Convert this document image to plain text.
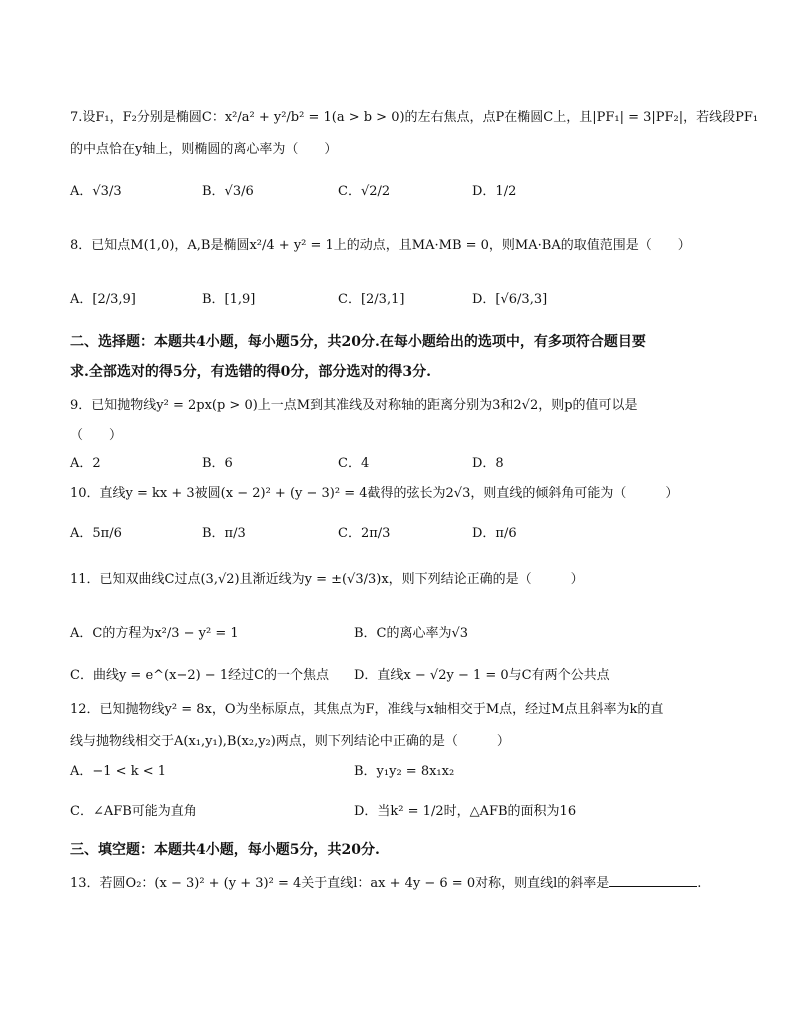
7.设F₁，F₂分别是椭圆C：x²/a² + y²/b² = 1(a > b > 0)的左右焦点，点P在椭圆C上，且|PF₁| = 3|PF₂|，若线段PF₁
的中点恰在y轴上，则椭圆的离心率为（　　）
A．√3/3	B．√3/6	C．√2/2	D．1/2
8．已知点M(1,0)，A,B是椭圆x²/4 + y² = 1上的动点，且MA·MB = 0，则MA·BA的取值范围是（　　）
A．[2/3,9]	B．[1,9]	C．[2/3,1]	D．[√6/3,3]
二、选择题：本题共4小题，每小题5分，共20分.在每小题给出的选项中，有多项符合题目要
求.全部选对的得5分，有选错的得0分，部分选对的得3分.
9．已知抛物线y² = 2px(p > 0)上一点M到其准线及对称轴的距离分别为3和2√2，则p的值可以是
（　　）
A．2	B．6	C．4	D．8
10．直线y = kx + 3被圆(x − 2)² + (y − 3)² = 4截得的弦长为2√3，则直线的倾斜角可能为（　　　）
A．5π/6	B．π/3	C．2π/3	D．π/6
11．已知双曲线C过点(3,√2)且渐近线为y = ±(√3/3)x，则下列结论正确的是（　　　）
A．C的方程为x²/3 − y² = 1	B．C的离心率为√3
C．曲线y = e^(x−2) − 1经过C的一个焦点 D．直线x − √2y − 1 = 0与C有两个公共点
12．已知抛物线y² = 8x，O为坐标原点，其焦点为F，准线与x轴相交于M点，经过M点且斜率为k的直
线与抛物线相交于A(x₁,y₁),B(x₂,y₂)两点，则下列结论中正确的是（　　　）
A．−1 < k < 1	B．y₁y₂ = 8x₁x₂
C．∠AFB可能为直角	D．当k² = 1/2时，△AFB的面积为16
三、填空题：本题共4小题，每小题5分，共20分.
13．若圆O₂：(x − 3)² + (y + 3)² = 4关于直线l：ax + 4y − 6 = 0对称，则直线l的斜率是	.
